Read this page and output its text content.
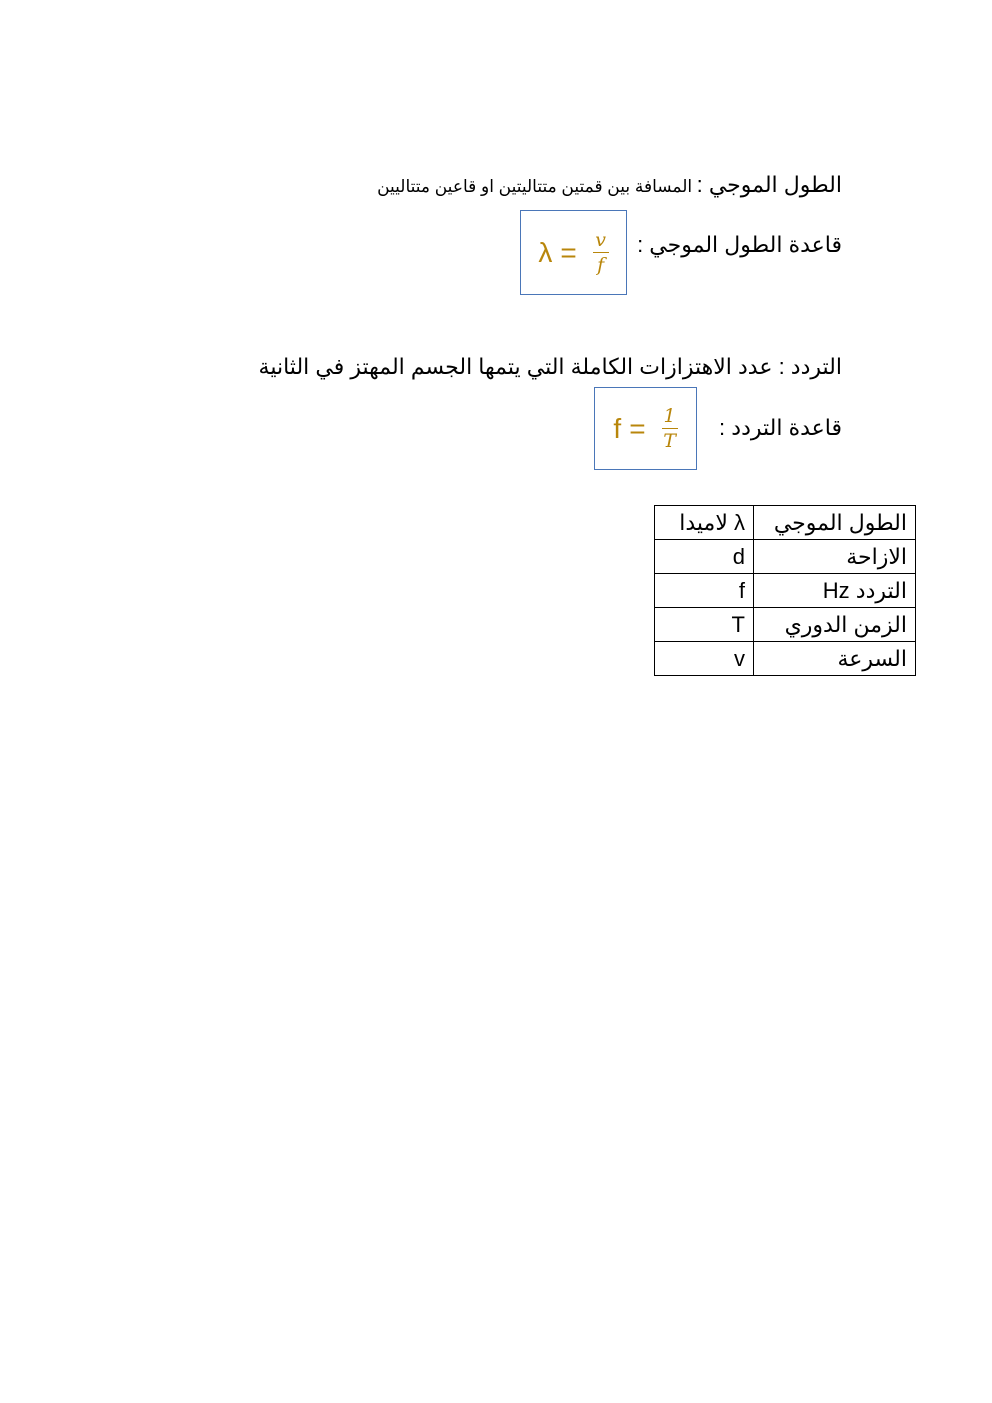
الطول الموجي : المسافة بين قمتين متتاليتين او قاعين متتاليين
قاعدة الطول الموجي :
$\lambda = \frac{v}{f}$
التردد : عدد الاهتزازات الكاملة التي يتمها الجسم المهتز في الثانية
قاعدة التردد :
$f = \frac{1}{T}$
الطول الموجي	λ لاميدا
الازاحة	d
التردد Hz	f
الزمن الدوري	T
السرعة	v
